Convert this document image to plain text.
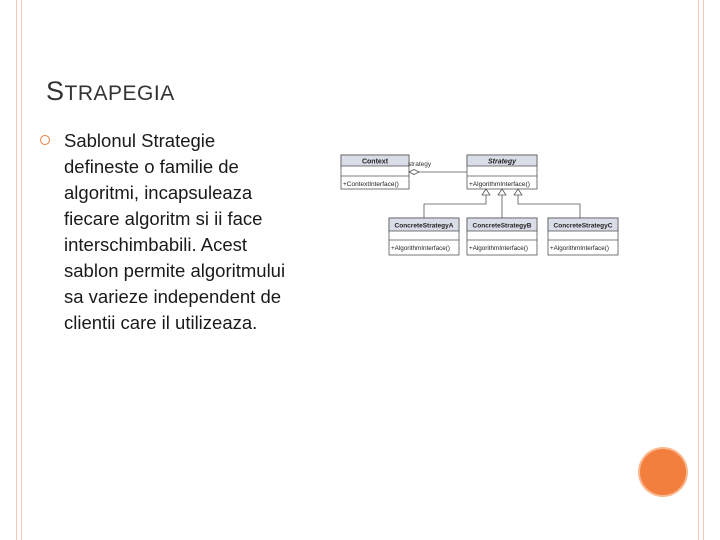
STRAPEGIA
Sablonul Strategie defineste o familie de algoritmi, incapsuleaza fiecare algoritm si ii face interschimbabili. Acest sablon permite algoritmului sa varieze independent de clientii care il utilizeaza.
Context
+ContextInterface()
Strategy
+AlgorithmInterface()
strategy
ConcreteStrategyA
+AlgorithmInterface()
ConcreteStrategyB
+AlgorithmInterface()
ConcreteStrategyC
+AlgorithmInterface()
